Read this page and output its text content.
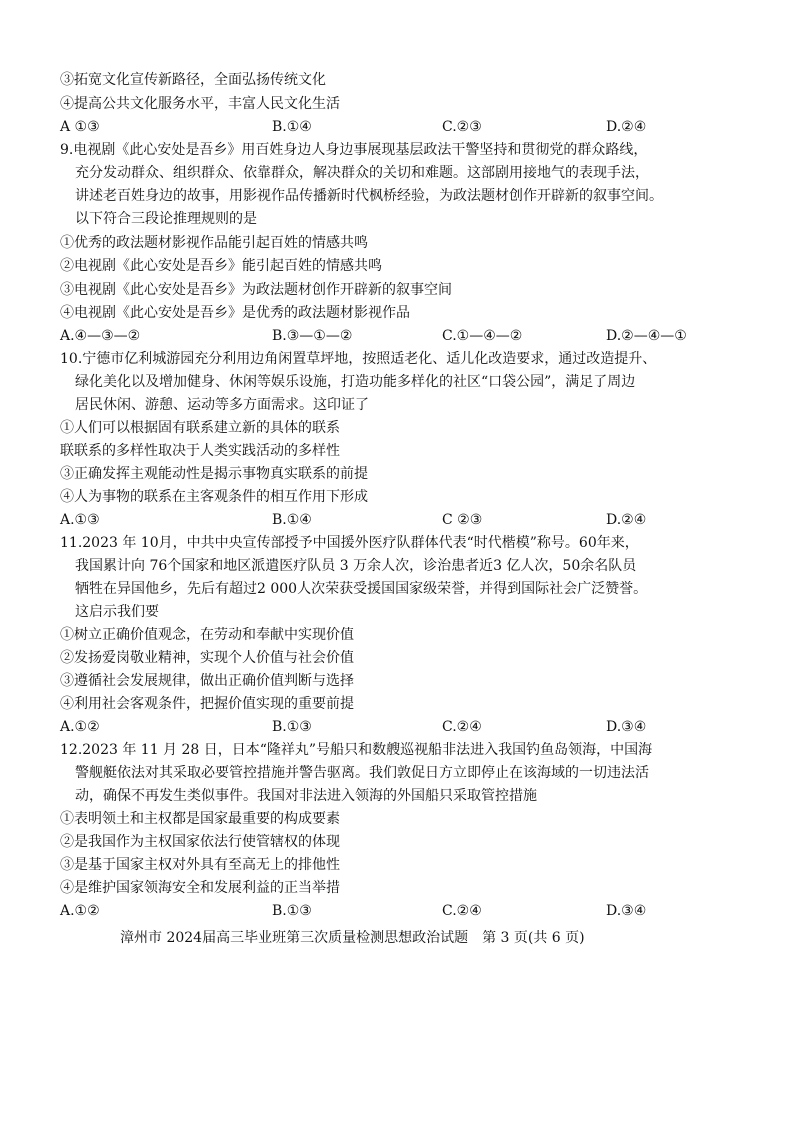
③拓宽文化宣传新路径，全面弘扬传统文化
④提高公共文化服务水平，丰富人民文化生活
A ①③	B.①④	C.②③	D.②④
9.电视剧《此心安处是吾乡》用百姓身边人身边事展现基层政法干警坚持和贯彻党的群众路线，
充分发动群众、组织群众、依靠群众，解决群众的关切和难题。这部剧用接地气的表现手法，
讲述老百姓身边的故事，用影视作品传播新时代枫桥经验，为政法题材创作开辟新的叙事空间。
以下符合三段论推理规则的是
①优秀的政法题材影视作品能引起百姓的情感共鸣
②电视剧《此心安处是吾乡》能引起百姓的情感共鸣
③电视剧《此心安处是吾乡》为政法题材创作开辟新的叙事空间
④电视剧《此心安处是吾乡》是优秀的政法题材影视作品
A.④—③—②	B.③—①—②	C.①—④—②	D.②—④—①
10.宁德市亿利城游园充分利用边角闲置草坪地，按照适老化、适儿化改造要求，通过改造提升、
绿化美化以及增加健身、休闲等娱乐设施，打造功能多样化的社区“口袋公园”，满足了周边
居民休闲、游憩、运动等多方面需求。这印证了
①人们可以根据固有联系建立新的具体的联系
联联系的多样性取决于人类实践活动的多样性
③正确发挥主观能动性是揭示事物真实联系的前提
④人为事物的联系在主客观条件的相互作用下形成
A.①③	B.①④	C ②③	D.②④
11.2023 年 10月，中共中央宣传部授予中国援外医疗队群体代表“时代楷模”称号。60年来，
我国累计向 76个国家和地区派遣医疗队员 3 万余人次，诊治患者近3 亿人次，50余名队员
牺牲在异国他乡，先后有超过2 000人次荣获受援国国家级荣誉，并得到国际社会广泛赞誉。
这启示我们要
①树立正确价值观念，在劳动和奉献中实现价值
②发扬爱岗敬业精神，实现个人价值与社会价值
③遵循社会发展规律，做出正确价值判断与选择
④利用社会客观条件，把握价值实现的重要前提
A.①②	B.①③	C.②④	D.③④
12.2023 年 11 月 28 日，日本“隆祥丸”号船只和数艘巡视船非法进入我国钓鱼岛领海，中国海
警舰艇依法对其采取必要管控措施并警告驱离。我们敦促日方立即停止在该海域的一切违法活
动，确保不再发生类似事件。我国对非法进入领海的外国船只采取管控措施
①表明领土和主权都是国家最重要的构成要素
②是我国作为主权国家依法行使管辖权的体现
③是基于国家主权对外具有至高无上的排他性
④是维护国家领海安全和发展利益的正当举措
A.①②	B.①③	C.②④	D.③④
漳州市 2024届高三毕业班第三次质量检测思想政治试题　第 3 页(共 6 页)
